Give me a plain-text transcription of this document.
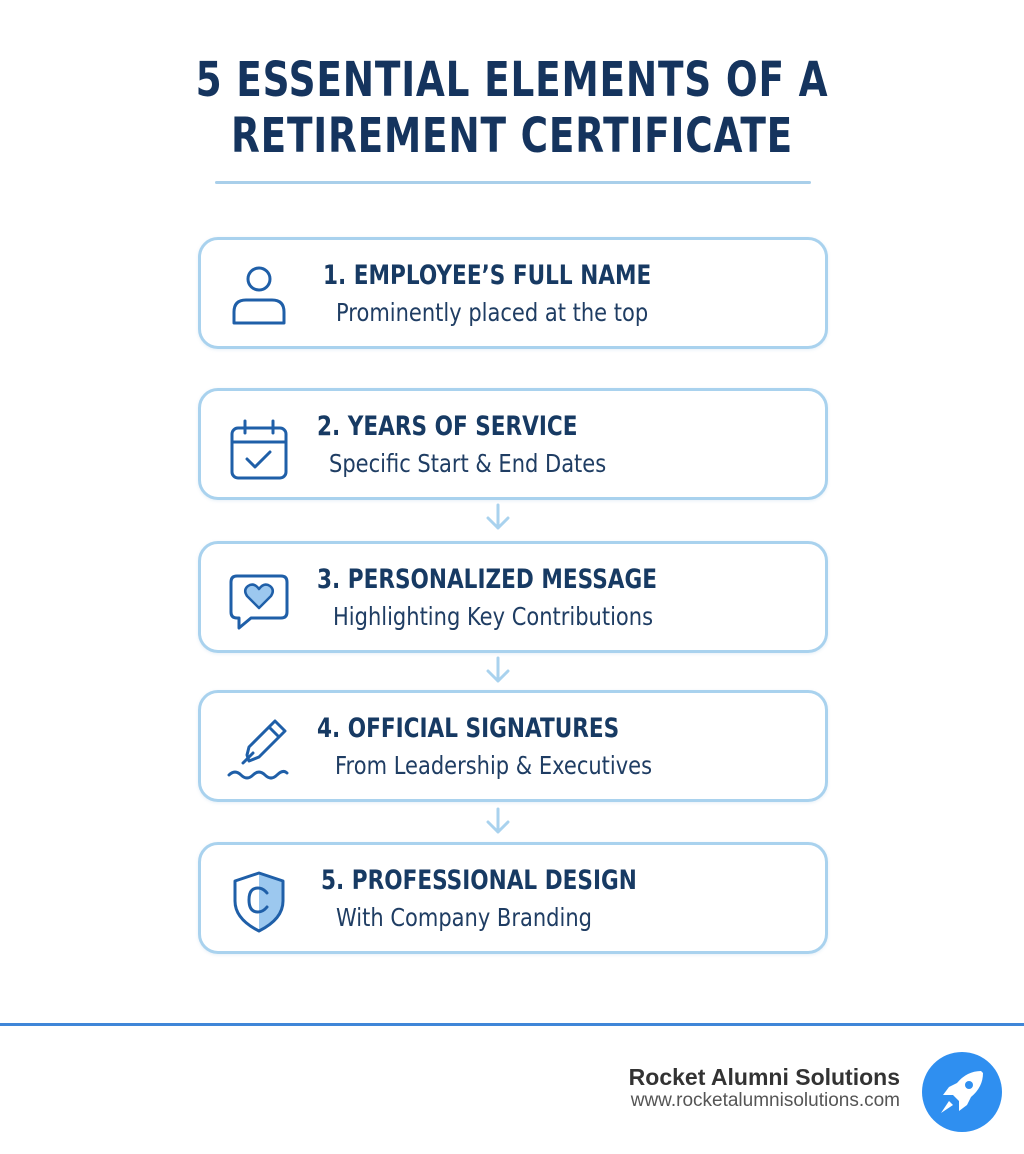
5 ESSENTIAL ELEMENTS OF A
RETIREMENT CERTIFICATE
1. EMPLOYEE’S FULL NAME
Prominently placed at the top
2. YEARS OF SERVICE
Specific Start & End Dates
3. PERSONALIZED MESSAGE
Highlighting Key Contributions
4. OFFICIAL SIGNATURES
From Leadership & Executives
5. PROFESSIONAL DESIGN
With Company Branding
Rocket Alumni Solutions
www.rocketalumnisolutions.com
